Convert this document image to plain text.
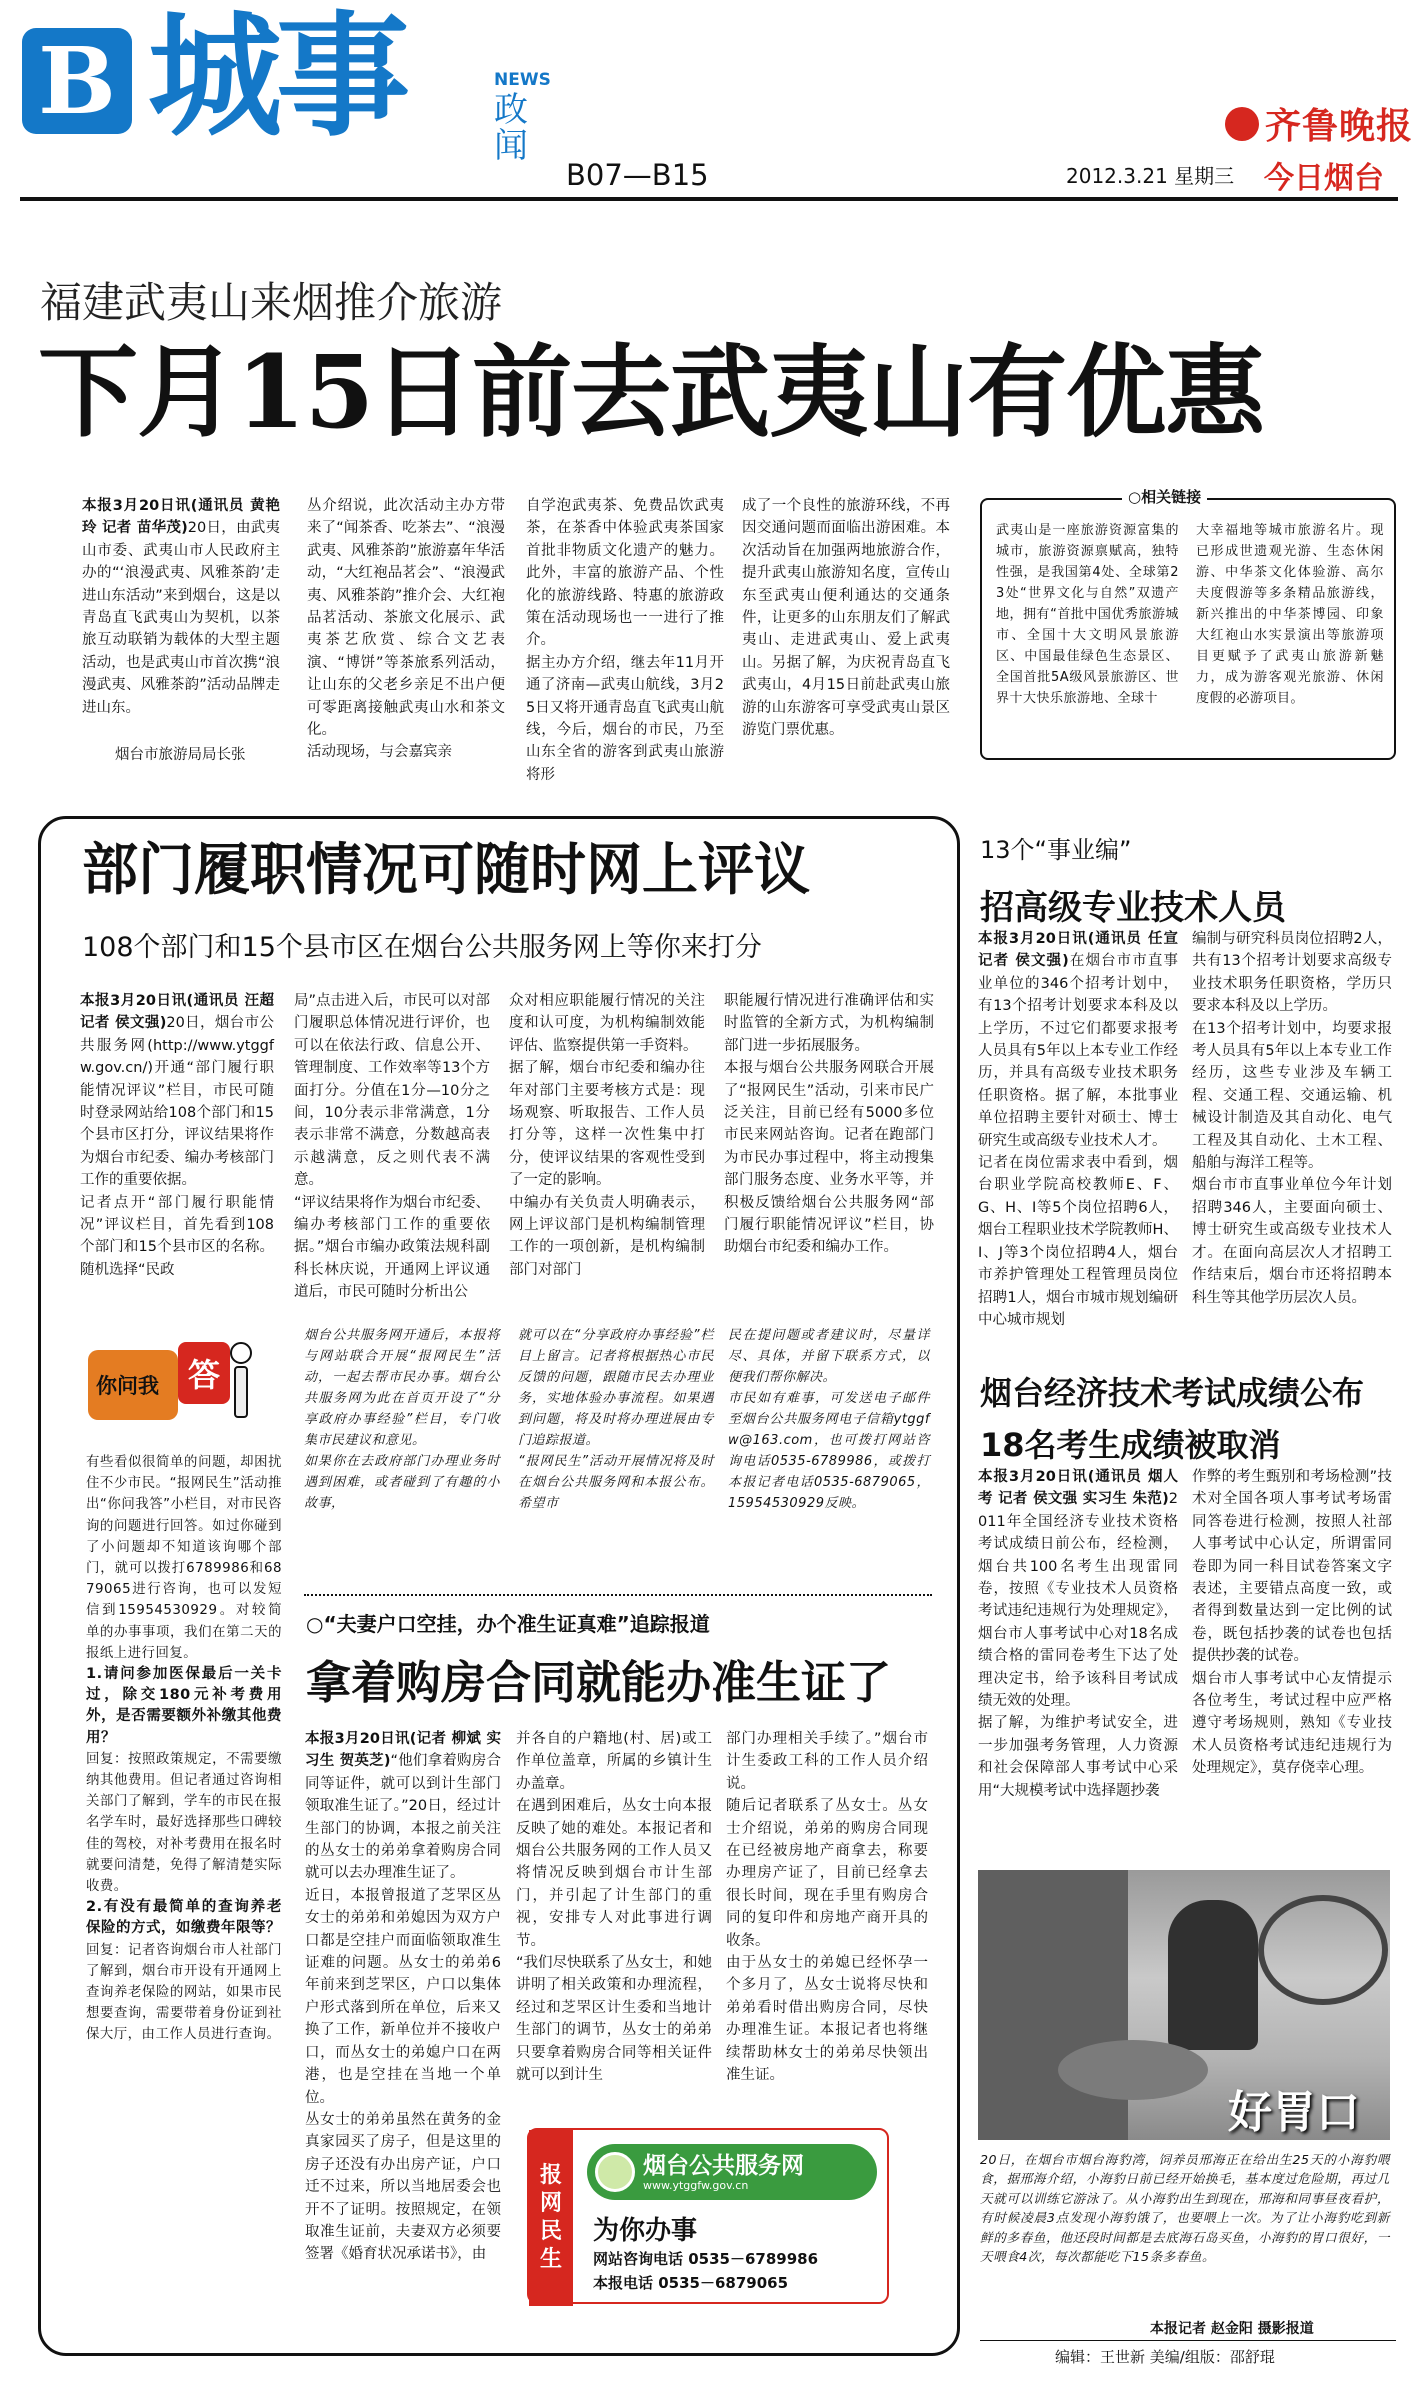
B 城事	NEWS
政闻
B07—B15
齐鲁晚报
2012.3.21 星期三 今日烟台
福建武夷山来烟推介旅游
下月15日前去武夷山有优惠
本报3月20日讯(通讯员 黄艳玲 记者 苗华茂)20日，由武夷山市委、武夷山市人民政府主办的“‘浪漫武夷、风雅茶韵’走进山东活动”来到烟台，这是以青岛直飞武夷山为契机，以茶旅互动联销为载体的大型主题活动，也是武夷山市首次携“浪漫武夷、风雅茶韵”活动品牌走进山东。
烟台市旅游局局长张
丛介绍说，此次活动主办方带来了“闻茶香、吃茶去”、“浪漫武夷、风雅茶韵”旅游嘉年华活动，“大红袍品茗会”、“浪漫武夷、风雅茶韵”推介会、大红袍品茗活动、茶旅文化展示、武夷茶艺欣赏、综合文艺表演、“博饼”等茶旅系列活动，让山东的父老乡亲足不出户便可零距离接触武夷山水和茶文化。
活动现场，与会嘉宾亲
自学泡武夷茶、免费品饮武夷茶，在茶香中体验武夷茶国家首批非物质文化遗产的魅力。此外，丰富的旅游产品、个性化的旅游线路、特惠的旅游政策在活动现场也一一进行了推介。
据主办方介绍，继去年11月开通了济南—武夷山航线，3月25日又将开通青岛直飞武夷山航线，今后，烟台的市民，乃至山东全省的游客到武夷山旅游将形
成了一个良性的旅游环线，不再因交通问题而面临出游困难。本次活动旨在加强两地旅游合作，提升武夷山旅游知名度，宣传山东至武夷山便利通达的交通条件，让更多的山东朋友们了解武夷山、走进武夷山、爱上武夷山。另据了解，为庆祝青岛直飞武夷山，4月15日前赴武夷山旅游的山东游客可享受武夷山景区游览门票优惠。
○相关链接
武夷山是一座旅游资源富集的城市，旅游资源禀赋高，独特性强，是我国第4处、全球第23处“世界文化与自然”双遗产地，拥有“首批中国优秀旅游城市、全国十大文明风景旅游区、中国最佳绿色生态景区、全国首批5A级风景旅游区、世界十大快乐旅游地、全球十
大幸福地等城市旅游名片。现已形成世遗观光游、生态休闲游、中华茶文化体验游、高尔夫度假游等多条精品旅游线，新兴推出的中华茶博园、印象大红袍山水实景演出等旅游项目更赋予了武夷山旅游新魅力，成为游客观光旅游、休闲度假的必游项目。
部门履职情况可随时网上评议
108个部门和15个县市区在烟台公共服务网上等你来打分
本报3月20日讯(通讯员 汪超 记者 侯文强)20日，烟台市公共服务网(http://www.ytggfw.gov.cn/)开通“部门履行职能情况评议”栏目，市民可随时登录网站给108个部门和15个县市区打分，评议结果将作为烟台市纪委、编办考核部门工作的重要依据。
记者点开“部门履行职能情况”评议栏目，首先看到108个部门和15个县市区的名称。随机选择“民政
局”点击进入后，市民可以对部门履职总体情况进行评价，也可以在依法行政、信息公开、管理制度、工作效率等13个方面打分。分值在1分—10分之间，10分表示非常满意，1分表示非常不满意，分数越高表示越满意，反之则代表不满意。
“评议结果将作为烟台市纪委、编办考核部门工作的重要依据。”烟台市编办政策法规科副科长林庆说，开通网上评议通道后，市民可随时分析出公
众对相应职能履行情况的关注度和认可度，为机构编制效能评估、监察提供第一手资料。
据了解，烟台市纪委和编办往年对部门主要考核方式是：现场观察、听取报告、工作人员打分等，这样一次性集中打分，使评议结果的客观性受到了一定的影响。
中编办有关负责人明确表示，网上评议部门是机构编制管理工作的一项创新，是机构编制部门对部门
职能履行情况进行准确评估和实时监管的全新方式，为机构编制部门进一步拓展服务。
本报与烟台公共服务网联合开展了“报网民生”活动，引来市民广泛关注，目前已经有5000多位市民来网站咨询。记者在跑部门为市民办事过程中，将主动搜集部门服务态度、业务水平等，并积极反馈给烟台公共服务网“部门履行职能情况评议”栏目，协助烟台市纪委和编办工作。
你问我 答
有些看似很简单的问题，却困扰住不少市民。“报网民生”活动推出“你问我答”小栏目，对市民咨询的问题进行回答。如过你碰到了小问题却不知道该询哪个部门，就可以拨打6789986和6879065进行咨询，也可以发短信到15954530929。对较简单的办事事项，我们在第二天的报纸上进行回复。
1.请问参加医保最后一关卡过，除交180元补考费用外，是否需要额外补缴其他费用？
回复：按照政策规定，不需要缴纳其他费用。但记者通过咨询相关部门了解到，学车的市民在报名学车时，最好选择那些口碑较佳的驾校，对补考费用在报名时就要问清楚，免得了解清楚实际收费。
2.有没有最简单的查询养老保险的方式，如缴费年限等？
回复：记者咨询烟台市人社部门了解到，烟台市开设有开通网上查询养老保险的网站，如果市民想要查询，需要带着身份证到社保大厅，由工作人员进行查询。
烟台公共服务网开通后，本报将与网站联合开展“报网民生”活动，一起去帮市民办事。烟台公共服务网为此在首页开设了“分享政府办事经验”栏目，专门收集市民建议和意见。
如果你在去政府部门办理业务时遇到困难，或者碰到了有趣的小故事，
就可以在“分享政府办事经验”栏目上留言。记者将根据热心市民反馈的问题，跟随市民去办理业务，实地体验办事流程。如果遇到问题，将及时将办理进展由专门追踪报道。
“报网民生”活动开展情况将及时在烟台公共服务网和本报公布。希望市
民在提问题或者建议时，尽量详尽、具体，并留下联系方式，以便我们帮你解决。
市民如有难事，可发送电子邮件至烟台公共服务网电子信箱ytggfw@163.com，也可拨打网站咨询电话0535-6789986，或拨打本报记者电话0535-6879065，15954530929反映。
○“夫妻户口空挂，办个准生证真难”追踪报道
拿着购房合同就能办准生证了
本报3月20日讯(记者 柳斌 实习生 贺英芝)“他们拿着购房合同等证件，就可以到计生部门领取准生证了。”20日，经过计生部门的协调，本报之前关注的丛女士的弟弟拿着购房合同就可以去办理准生证了。
近日，本报曾报道了芝罘区丛女士的弟弟和弟媳因为双方户口都是空挂户而面临领取准生证难的问题。丛女士的弟弟6年前来到芝罘区，户口以集体户形式落到所在单位，后来又换了工作，新单位并不接收户口，而丛女士的弟媳户口在两港，也是空挂在当地一个单位。
丛女士的弟弟虽然在黄务的金真家园买了房子，但是这里的房子还没有办出房产证，户口迁不过来，所以当地居委会也开不了证明。按照规定，在领取准生证前，夫妻双方必须要签署《婚育状况承诺书》，由
并各自的户籍地(村、居)或工作单位盖章，所属的乡镇计生办盖章。
在遇到困难后，丛女士向本报反映了她的难处。本报记者和烟台公共服务网的工作人员又将情况反映到烟台市计生部门，并引起了计生部门的重视，安排专人对此事进行调节。
“我们尽快联系了丛女士，和她讲明了相关政策和办理流程，经过和芝罘区计生委和当地计生部门的调节，丛女士的弟弟只要拿着购房合同等相关证件就可以到计生
部门办理相关手续了。”烟台市计生委政工科的工作人员介绍说。
随后记者联系了丛女士。丛女士介绍说，弟弟的购房合同现在已经被房地产商拿去，称要办理房产证了，目前已经拿去很长时间，现在手里有购房合同的复印件和房地产商开具的收条。
由于丛女士的弟媳已经怀孕一个多月了，丛女士说将尽快和弟弟看时借出购房合同，尽快办理准生证。本报记者也将继续帮助林女士的弟弟尽快领出准生证。
报网民生
烟台公共服务网
www.ytggfw.gov.cn
为你办事
网站咨询电话 0535－6789986
本报电话 0535－6879065
13个“事业编”
招高级专业技术人员
本报3月20日讯(通讯员 任宣 记者 侯文强)在烟台市市直事业单位的346个招考计划中，有13个招考计划要求本科及以上学历，不过它们都要求报考人员具有5年以上本专业工作经历，并具有高级专业技术职务任职资格。据了解，本批事业单位招聘主要针对硕士、博士研究生或高级专业技术人才。
记者在岗位需求表中看到，烟台职业学院高校教师E、F、G、H、I等5个岗位招聘6人，烟台工程职业技术学院教师H、I、J等3个岗位招聘4人，烟台市养护管理处工程管理员岗位招聘1人，烟台市城市规划编研中心城市规划
编制与研究科员岗位招聘2人，共有13个招考计划要求高级专业技术职务任职资格，学历只要求本科及以上学历。
在13个招考计划中，均要求报考人员具有5年以上本专业工作经历，这些专业涉及车辆工程、交通工程、交通运输、机械设计制造及其自动化、电气工程及其自动化、土木工程、船舶与海洋工程等。
烟台市市直事业单位今年计划招聘346人，主要面向硕士、博士研究生或高级专业技术人才。在面向高层次人才招聘工作结束后，烟台市还将招聘本科生等其他学历层次人员。
烟台经济技术考试成绩公布
18名考生成绩被取消
本报3月20日讯(通讯员 烟人考 记者 侯文强 实习生 朱范)2011年全国经济专业技术资格考试成绩日前公布，经检测，烟台共100名考生出现雷同卷，按照《专业技术人员资格考试违纪违规行为处理规定》，烟台市人事考试中心对18名成绩合格的雷同卷考生下达了处理决定书，给予该科目考试成绩无效的处理。
据了解，为维护考试安全，进一步加强考务管理，人力资源和社会保障部人事考试中心采用“大规模考试中选择题抄袭
作弊的考生甄别和考场检测”技术对全国各项人事考试考场雷同答卷进行检测，按照人社部人事考试中心认定，所谓雷同卷即为同一科目试卷答案文字表述，主要错点高度一致，或者得到数量达到一定比例的试卷，既包括抄袭的试卷也包括提供抄袭的试卷。
烟台市人事考试中心友情提示各位考生，考试过程中应严格遵守考场规则，熟知《专业技术人员资格考试违纪违规行为处理规定》，莫存侥幸心理。
好胃口
20日，在烟台市烟台海豹湾，饲养员邢海正在给出生25天的小海豹喂食，据邢海介绍，小海豹日前已经开始换毛，基本度过危险期，再过几天就可以训练它游泳了。从小海豹出生到现在，邢海和同事昼夜看护，有时候凌晨3点发现小海豹饿了，也要喂上一次。为了让小海豹吃到新鲜的多春鱼，他还段时间都是去底海石岛买鱼，小海豹的胃口很好，一天喂食4次，每次都能吃下15条多春鱼。
本报记者 赵金阳 摄影报道
编辑：王世新 美编/组版：邵舒琨
